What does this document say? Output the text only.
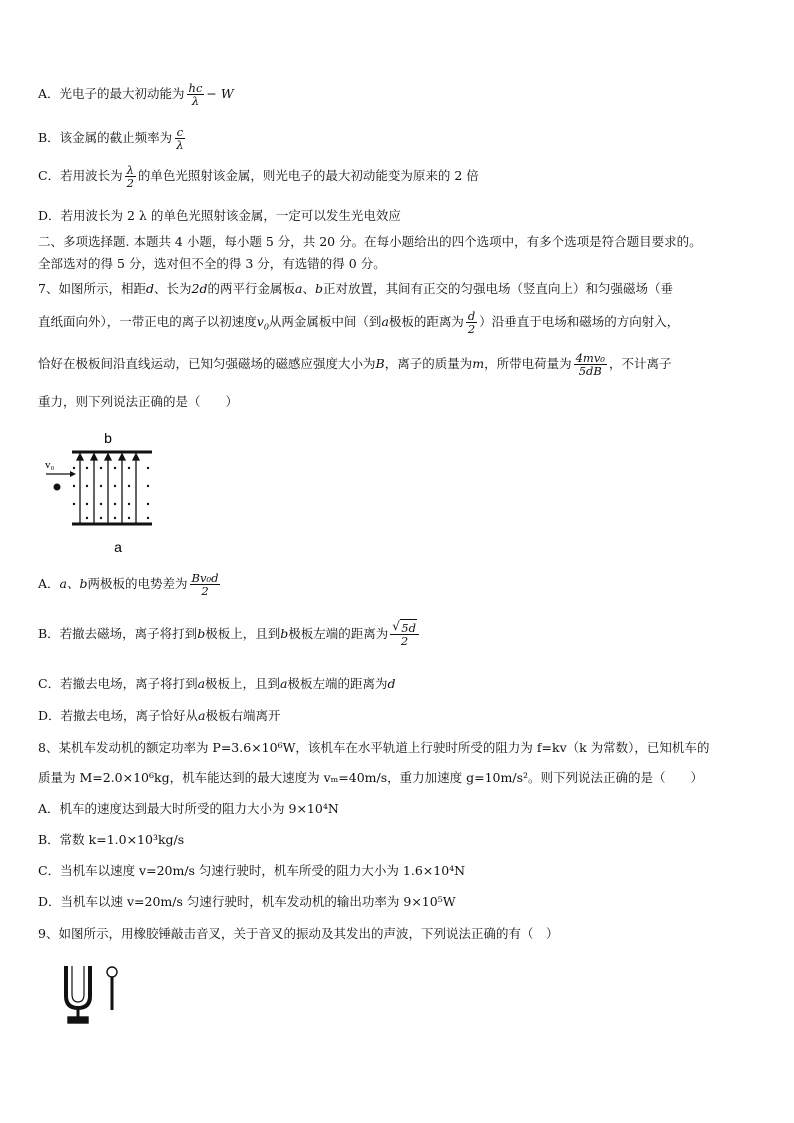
A．光电子的最大初动能为 $\frac{hc}{\lambda} - W$
B．该金属的截止频率为 $\frac{c}{\lambda}$
C．若用波长为 $\frac{\lambda}{2}$ 的单色光照射该金属，则光电子的最大初动能变为原来的 2 倍
D．若用波长为 2 λ 的单色光照射该金属，一定可以发生光电效应
二、多项选择题. 本题共 4 小题，每小题 5 分，共 20 分。在每小题给出的四个选项中，有多个选项是符合题目要求的。
全部选对的得 5 分，选对但不全的得 3 分，有选错的得 0 分。
7、如图所示，相距d、长为2d的两平行金属板a、b正对放置，其间有正交的匀强电场（竖直向上）和匀强磁场（垂
直纸面向外），一带正电的离子以初速度$v_0$从两金属板中间（到a极板的距离为 $\frac{d}{2}$ ）沿垂直于电场和磁场的方向射入，
恰好在极板间沿直线运动，已知匀强磁场的磁感应强度大小为B，离子的质量为m，所带电荷量为 $\frac{\text{4mv₀}}{5dB}$ ，不计离子
重力，则下列说法正确的是（　　）
b
v₀
a
A．a、b两极板的电势差为 $\frac{\text{Bv₀d}}{2}$
B．若撤去磁场，离子将打到b极板上，且到b极板左端的距离为 $\frac{√ 5d}{2}$
C．若撤去电场，离子将打到a极板上，且到a极板左端的距离为d
D．若撤去电场，离子恰好从a极板右端离开
8、某机车发动机的额定功率为 P=3.6×10⁶W，该机车在水平轨道上行驶时所受的阻力为 f=kv（k 为常数），已知机车的
质量为 M=2.0×10⁶kg，机车能达到的最大速度为 vₘ=40m/s，重力加速度 g=10m/s²。则下列说法正确的是（　　）
A．机车的速度达到最大时所受的阻力大小为 9×10⁴N
B．常数 k=1.0×10³kg/s
C．当机车以速度 v=20m/s 匀速行驶时，机车所受的阻力大小为 1.6×10⁴N
D．当机车以速 v=20m/s 匀速行驶时，机车发动机的输出功率为 9×10⁵W
9、如图所示，用橡胶锤敲击音叉，关于音叉的振动及其发出的声波，下列说法正确的有（　）
